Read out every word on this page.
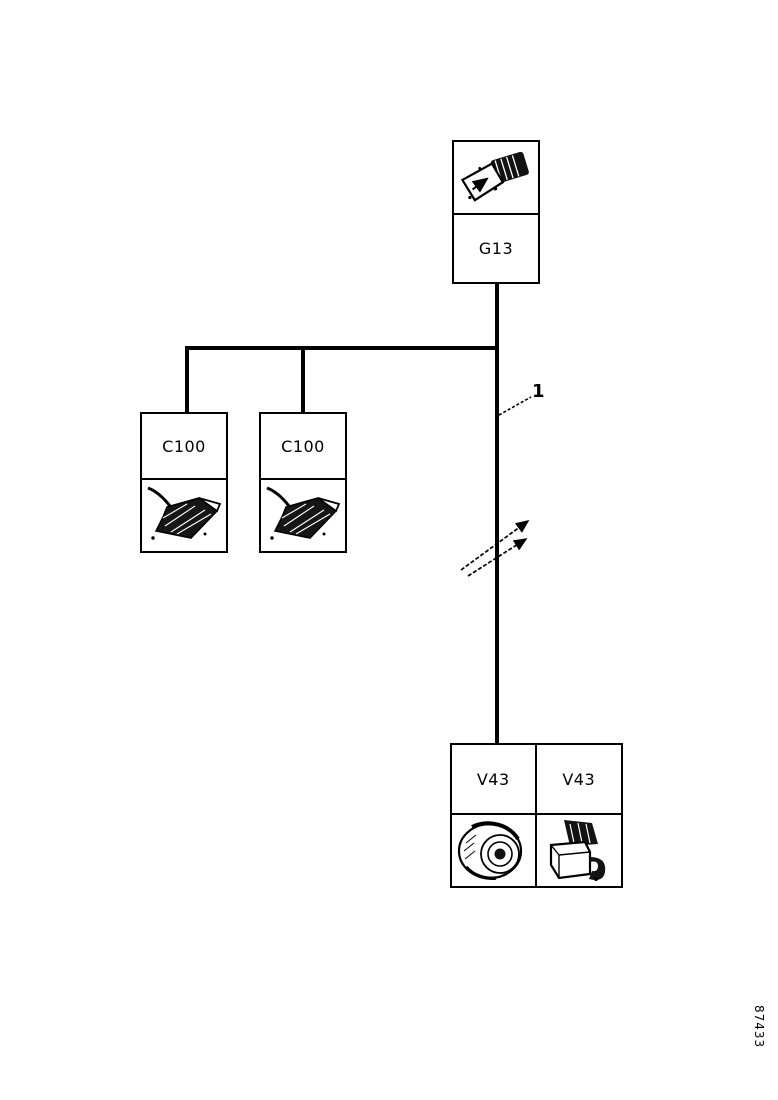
G13
C100	C100
1
V43	V43
87433
